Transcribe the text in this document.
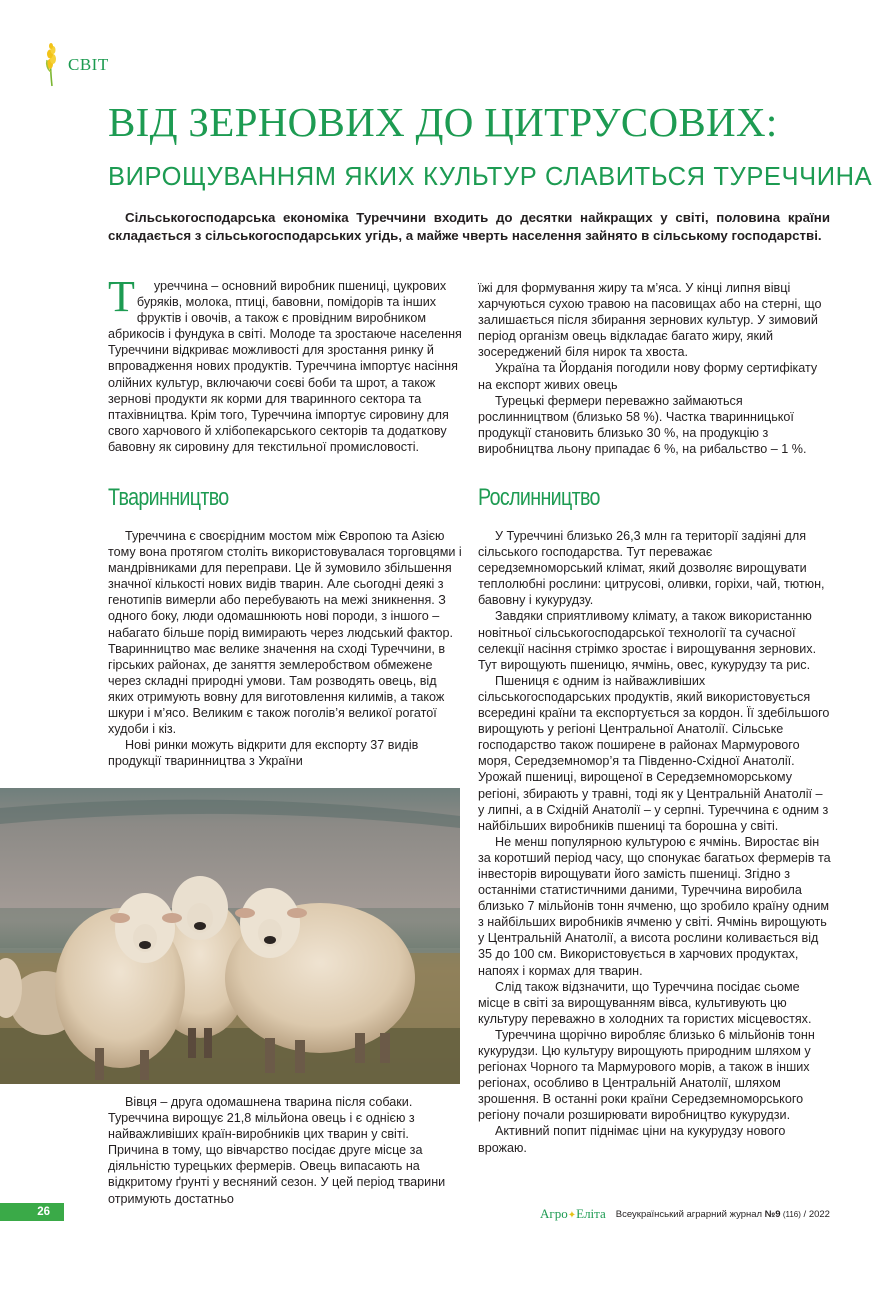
СВІТ
ВІД ЗЕРНОВИХ ДО ЦИТРУСОВИХ:
ВИРОЩУВАННЯМ ЯКИХ КУЛЬТУР СЛАВИТЬСЯ ТУРЕЧЧИНА

Сільськогосподарська економіка Туреччини входить до десятки найкращих у світі, половина країни складається з сільськогосподарських угідь, а майже чверть населення зайнято в сільському господарстві.

Т уреччина – основний виробник пшениці, цукрових буряків, молока, птиці, бавовни, помідорів та інших фруктів і овочів, а також є провідним виробником абрикосів і фундука в світі. Молоде та зростаюче населення Туреччини відкриває можливості для зростання ринку й впровадження нових продуктів. Туреччина імпортує насіння олійних культур, включаючи соєві боби та шрот, а також зернові продукти як корми для тваринного сектора та птахівництва. Крім того, Туреччина імпортує сировину для свого харчового й хлібопекарського секторів та додаткову бавовну як сировину для текстильної промисловості.

їжі для формування жиру та м’яса. У кінці липня вівці харчуються сухою травою на пасовищах або на стерні, що залишається після збирання зернових культур. У зимовий період організм овець відкладає багато жиру, який зосереджений біля нирок та хвоста.

Україна та Йорданія погодили нову форму сертифікату на експорт живих овець

Турецькі фермери переважно займаються рослинництвом (близько 58 %). Частка тваринницької продукції становить близько 30 %, на продукцію з виробництва льону припадає 6 %, на рибальство – 1 %.

Тваринництво	Рослинництво

Туреччина є своєрідним мостом між Європою та Азією тому вона протягом століть використовувалася торговцями і мандрівниками для переправи. Це й зумовило збільшення значної кількості нових видів тварин. Але сьогодні деякі з генотипів вимерли або перебувають на межі зникнення. З одного боку, люди одомашнюють нові породи, з іншого – набагато більше порід вимирають через людський фактор. Тваринництво має велике значення на сході Туреччини, в гірських районах, де заняття землеробством обмежене через складні природні умови. Там розводять овець, від яких отримують вовну для виготовлення килимів, а також шкури і м’ясо. Великим є також поголів’я великої рогатої худоби і кіз.

Нові ринки можуть відкрити для експорту 37 видів продукції тваринництва з України

Вівця – друга одомашнена тварина після собаки. Туреччина вирощує 21,8 мільйона овець і є однією з найважливіших країн-виробників цих тварин у світі. Причина в тому, що вівчарство посідає друге місце за діяльністю турецьких фермерів. Овець випасають на відкритому ґрунті у весняний сезон. У цей період тварини отримують достатньо

У Туреччині близько 26,3 млн га території задіяні для сільського господарства. Тут переважає середземноморський клімат, який дозволяє вирощувати теплолюбні рослини: цитрусові, оливки, горіхи, чай, тютюн, бавовну і кукурудзу.

Завдяки сприятливому клімату, а також використанню новітньої сільськогосподарської технології та сучасної селекції насіння стрімко зростає і вирощування зернових. Тут вирощують пшеницю, ячмінь, овес, кукурудзу та рис.

Пшениця є одним із найважливіших сільськогосподарських продуктів, який використовується всередині країни та експортується за кордон. Її здебільшого вирощують у регіоні Центральної Анатолії. Сільське господарство також поширене в районах Мармурового моря, Середземномор’я та Південно-Східної Анатолії. Урожай пшениці, вирощеної в Середземноморському регіоні, збирають у травні, тоді як у Центральній Анатолії – у липні, а в Східній Анатолії – у серпні. Туреччина є одним з найбільших виробників пшениці та борошна у світі.

Не менш популярною культурою є ячмінь. Виростає він за коротший період часу, що спонукає багатьох фермерів та інвесторів вирощувати його замість пшениці. Згідно з останніми статистичними даними, Туреччина виробила близько 7 мільйонів тонн ячменю, що зробило країну одним з найбільших виробників ячменю у світі. Ячмінь вирощують у Центральній Анатолії, а висота рослини коливається від 35 до 100 см. Використовується в харчових продуктах, напоях і кормах для тварин.

Слід також відзначити, що Туреччина посідає сьоме місце в світі за вирощуванням вівса, культивують цю культуру переважно в холодних та гористих місцевостях.

Туреччина щорічно виробляє близько 6 мільйонів тонн кукурудзи. Цю культуру вирощують природним шляхом у регіонах Чорного та Мармурового морів, а також в інших регіонах, особливо в Центральній Анатолії, шляхом зрошення. В останні роки країни Середземноморського регіону почали розширювати виробництво кукурудзи.

Активний попит піднімає ціни на кукурудзу нового врожаю.

26	Агро✦Еліта Всеукраїнський аграрний журнал №9 (116) / 2022
